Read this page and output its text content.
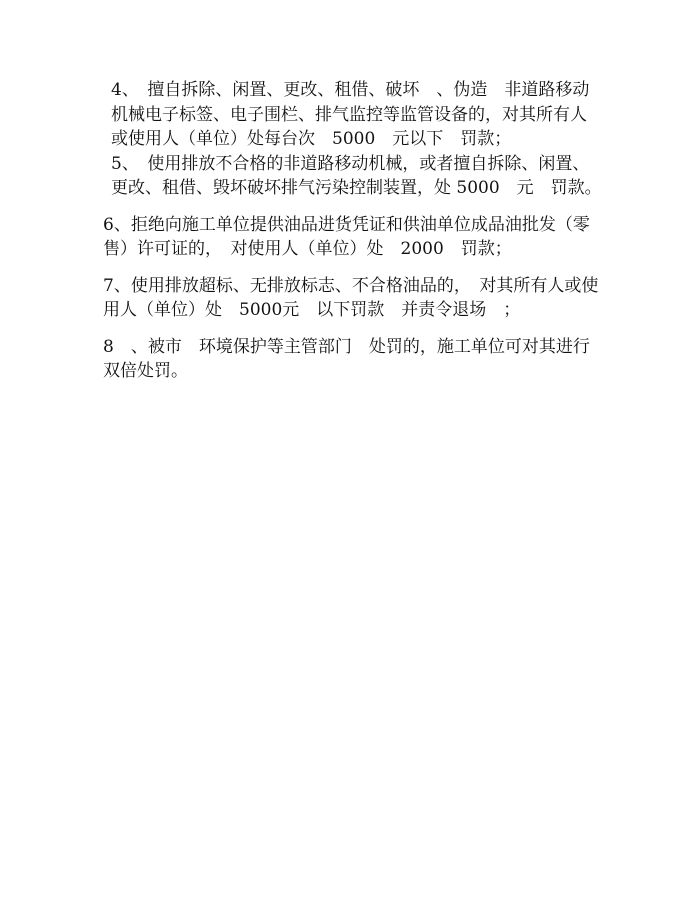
4、　擅自拆除、闲置、更改、租借、破坏　、伪造　非道路移动机械电子标签、电子围栏、排气监控等监管设备的，对其所有人或使用人（单位）处每台次　5000　元以下　罚款；

5、　使用排放不合格的非道路移动机械，或者擅自拆除、闲置、更改、租借、毁坏破坏排气污染控制装置，处 5000　元　罚款。

6、拒绝向施工单位提供油品进货凭证和供油单位成品油批发（零售）许可证的，　对使用人（单位）处　2000　罚款；

7、使用排放超标、无排放标志、不合格油品的，　对其所有人或使用人（单位）处　5000元　以下罚款　并责令退场　；

8　、被市　环境保护等主管部门　处罚的，施工单位可对其进行双倍处罚。
